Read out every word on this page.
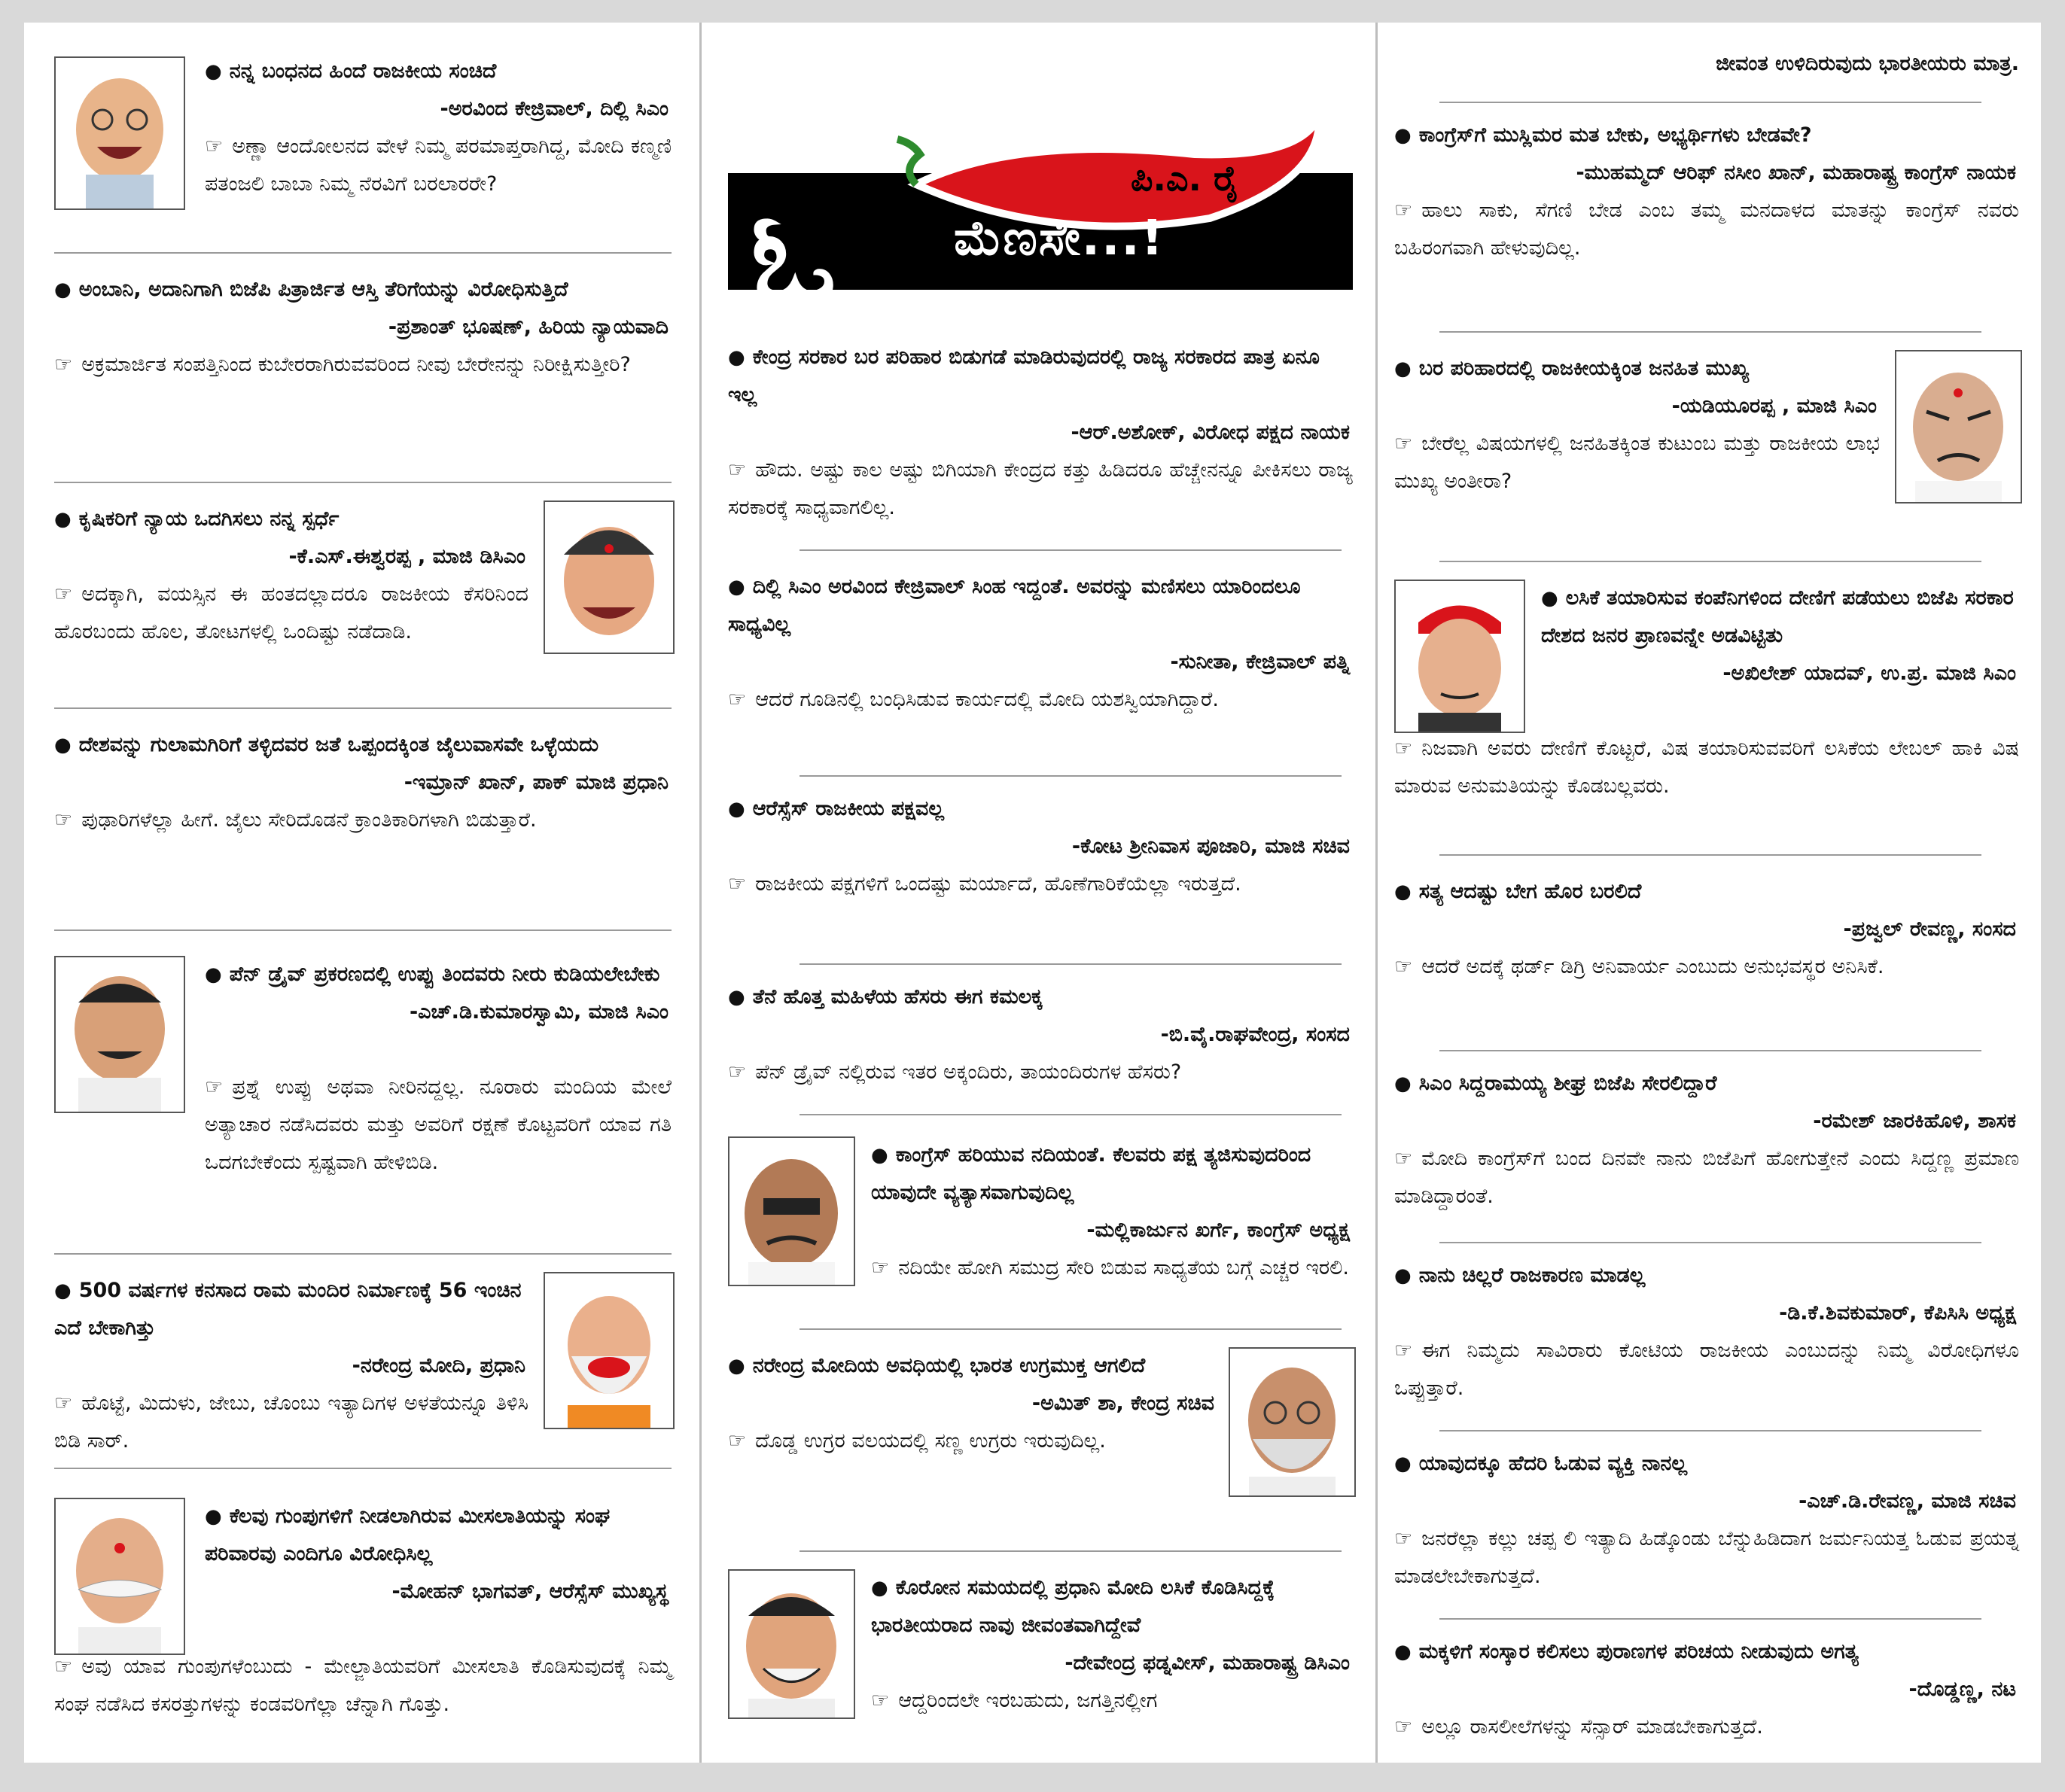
● ನನ್ನ ಬಂಧನದ ಹಿಂದೆ ರಾಜಕೀಯ ಸಂಚಿದೆ
-ಅರವಿಂದ ಕೇಜ್ರಿವಾಲ್, ದಿಲ್ಲಿ ಸಿಎಂ
☞ ಅಣ್ಣಾ ಆಂದೋಲನದ ವೇಳೆ ನಿಮ್ಮ ಪರಮಾಪ್ತರಾಗಿದ್ದ, ಮೋದಿ ಕಣ್ಮಣಿ ಪತಂಜಲಿ ಬಾಬಾ ನಿಮ್ಮ ನೆರವಿಗೆ ಬರಲಾರರೇ?
● ಅಂಬಾನಿ, ಅದಾನಿಗಾಗಿ ಬಿಜೆಪಿ ಪಿತ್ರಾರ್ಜಿತ ಆಸ್ತಿ ತೆರಿಗೆಯನ್ನು ವಿರೋಧಿಸುತ್ತಿದೆ
-ಪ್ರಶಾಂತ್ ಭೂಷಣ್, ಹಿರಿಯ ನ್ಯಾಯವಾದಿ
☞ ಅಕ್ರಮಾರ್ಜಿತ ಸಂಪತ್ತಿನಿಂದ ಕುಬೇರರಾಗಿರುವವರಿಂದ ನೀವು ಬೇರೇನನ್ನು ನಿರೀಕ್ಷಿಸುತ್ತೀರಿ?
● ಕೃಷಿಕರಿಗೆ ನ್ಯಾಯ ಒದಗಿಸಲು ನನ್ನ ಸ್ಪರ್ಧೆ
-ಕೆ.ಎಸ್.ಈಶ್ವರಪ್ಪ , ಮಾಜಿ ಡಿಸಿಎಂ
☞ ಅದಕ್ಕಾಗಿ, ವಯಸ್ಸಿನ ಈ ಹಂತದಲ್ಲಾದರೂ ರಾಜಕೀಯ ಕೆಸರಿನಿಂದ ಹೊರಬಂದು ಹೊಲ, ತೋಟಗಳಲ್ಲಿ ಒಂದಿಷ್ಟು ನಡೆದಾಡಿ.
● ದೇಶವನ್ನು ಗುಲಾಮಗಿರಿಗೆ ತಳ್ಳಿದವರ ಜತೆ ಒಪ್ಪಂದಕ್ಕಿಂತ ಜೈಲುವಾಸವೇ ಒಳ್ಳೆಯದು
-ಇಮ್ರಾನ್ ಖಾನ್, ಪಾಕ್ ಮಾಜಿ ಪ್ರಧಾನಿ
☞ ಪುಢಾರಿಗಳೆಲ್ಲಾ ಹೀಗೆ. ಜೈಲು ಸೇರಿದೊಡನೆ ಕ್ರಾಂತಿಕಾರಿಗಳಾಗಿ ಬಿಡುತ್ತಾರೆ.
● ಪೆನ್ ಡ್ರೈವ್ ಪ್ರಕರಣದಲ್ಲಿ ಉಪ್ಪು ತಿಂದವರು ನೀರು ಕುಡಿಯಲೇಬೇಕು
-ಎಚ್.ಡಿ.ಕುಮಾರಸ್ವಾಮಿ, ಮಾಜಿ ಸಿಎಂ
☞ ಪ್ರಶ್ನೆ ಉಪ್ಪು ಅಥವಾ ನೀರಿನದ್ದಲ್ಲ. ನೂರಾರು ಮಂದಿಯ ಮೇಲೆ ಅತ್ಯಾಚಾರ ನಡೆಸಿದವರು ಮತ್ತು ಅವರಿಗೆ ರಕ್ಷಣೆ ಕೊಟ್ಟವರಿಗೆ ಯಾವ ಗತಿ ಒದಗಬೇಕೆಂದು ಸ್ಪಷ್ಟವಾಗಿ ಹೇಳಿಬಿಡಿ.
● 500 ವರ್ಷಗಳ ಕನಸಾದ ರಾಮ ಮಂದಿರ ನಿರ್ಮಾಣಕ್ಕೆ 56 ಇಂಚಿನ ಎದೆ ಬೇಕಾಗಿತ್ತು
-ನರೇಂದ್ರ ಮೋದಿ, ಪ್ರಧಾನಿ
☞ ಹೊಟ್ಟೆ, ಮಿದುಳು, ಜೇಬು, ಚೊಂಬು ಇತ್ಯಾದಿಗಳ ಅಳತೆಯನ್ನೂ ತಿಳಿಸಿ ಬಿಡಿ ಸಾರ್.
● ಕೆಲವು ಗುಂಪುಗಳಿಗೆ ನೀಡಲಾಗಿರುವ ಮೀಸಲಾತಿಯನ್ನು ಸಂಘ ಪರಿವಾರವು ಎಂದಿಗೂ ವಿರೋಧಿಸಿಲ್ಲ
-ಮೋಹನ್ ಭಾಗವತ್, ಆರೆಸ್ಸೆಸ್ ಮುಖ್ಯಸ್ಥ
☞ ಅವು ಯಾವ ಗುಂಪುಗಳೆಂಬುದು - ಮೇಲ್ಜಾತಿಯವರಿಗೆ ಮೀಸಲಾತಿ ಕೊಡಿಸುವುದಕ್ಕೆ ನಿಮ್ಮ ಸಂಘ ನಡೆಸಿದ ಕಸರತ್ತುಗಳನ್ನು ಕಂಡವರಿಗೆಲ್ಲಾ ಚೆನ್ನಾಗಿ ಗೊತ್ತು.
ಓ
ಪಿ.ಎ. ರೈ
ಮೆಣಸೇ...!
● ಕೇಂದ್ರ ಸರಕಾರ ಬರ ಪರಿಹಾರ ಬಿಡುಗಡೆ ಮಾಡಿರುವುದರಲ್ಲಿ ರಾಜ್ಯ ಸರಕಾರದ ಪಾತ್ರ ಏನೂ ಇಲ್ಲ
-ಆರ್.ಅಶೋಕ್, ವಿರೋಧ ಪಕ್ಷದ ನಾಯಕ
☞ ಹೌದು. ಅಷ್ಟು ಕಾಲ ಅಷ್ಟು ಬಿಗಿಯಾಗಿ ಕೇಂದ್ರದ ಕತ್ತು ಹಿಡಿದರೂ ಹೆಚ್ಚೇನನ್ನೂ ಪೀಕಿಸಲು ರಾಜ್ಯ ಸರಕಾರಕ್ಕೆ ಸಾಧ್ಯವಾಗಲಿಲ್ಲ.
● ದಿಲ್ಲಿ ಸಿಎಂ ಅರವಿಂದ ಕೇಜ್ರಿವಾಲ್ ಸಿಂಹ ಇದ್ದಂತೆ. ಅವರನ್ನು ಮಣಿಸಲು ಯಾರಿಂದಲೂ ಸಾಧ್ಯವಿಲ್ಲ
-ಸುನೀತಾ, ಕೇಜ್ರಿವಾಲ್ ಪತ್ನಿ
☞ ಆದರೆ ಗೂಡಿನಲ್ಲಿ ಬಂಧಿಸಿಡುವ ಕಾರ್ಯದಲ್ಲಿ ಮೋದಿ ಯಶಸ್ವಿಯಾಗಿದ್ದಾರೆ.
● ಆರೆಸ್ಸೆಸ್ ರಾಜಕೀಯ ಪಕ್ಷವಲ್ಲ
-ಕೋಟ ಶ್ರೀನಿವಾಸ ಪೂಜಾರಿ, ಮಾಜಿ ಸಚಿವ
☞ ರಾಜಕೀಯ ಪಕ್ಷಗಳಿಗೆ ಒಂದಷ್ಟು ಮರ್ಯಾದೆ, ಹೊಣೆಗಾರಿಕೆಯೆಲ್ಲಾ ಇರುತ್ತದೆ.
● ತೆನೆ ಹೊತ್ತ ಮಹಿಳೆಯ ಹೆಸರು ಈಗ ಕಮಲಕ್ಕ
-ಬಿ.ವೈ.ರಾಘವೇಂದ್ರ, ಸಂಸದ
☞ ಪೆನ್ ಡ್ರೈವ್ ನಲ್ಲಿರುವ ಇತರ ಅಕ್ಕಂದಿರು, ತಾಯಂದಿರುಗಳ ಹೆಸರು?
● ಕಾಂಗ್ರೆಸ್ ಹರಿಯುವ ನದಿಯಂತೆ. ಕೆಲವರು ಪಕ್ಷ ತ್ಯಜಿಸುವುದರಿಂದ ಯಾವುದೇ ವ್ಯತ್ಯಾಸವಾಗುವುದಿಲ್ಲ
-ಮಲ್ಲಿಕಾರ್ಜುನ ಖರ್ಗೆ, ಕಾಂಗ್ರೆಸ್ ಅಧ್ಯಕ್ಷ
☞ ನದಿಯೇ ಹೋಗಿ ಸಮುದ್ರ ಸೇರಿ ಬಿಡುವ ಸಾಧ್ಯತೆಯ ಬಗ್ಗೆ ಎಚ್ಚರ ಇರಲಿ.
● ನರೇಂದ್ರ ಮೋದಿಯ ಅವಧಿಯಲ್ಲಿ ಭಾರತ ಉಗ್ರಮುಕ್ತ ಆಗಲಿದೆ
-ಅಮಿತ್ ಶಾ, ಕೇಂದ್ರ ಸಚಿವ
☞ ದೊಡ್ಡ ಉಗ್ರರ ವಲಯದಲ್ಲಿ ಸಣ್ಣ ಉಗ್ರರು ಇರುವುದಿಲ್ಲ.
● ಕೊರೋನ ಸಮಯದಲ್ಲಿ ಪ್ರಧಾನಿ ಮೋದಿ ಲಸಿಕೆ ಕೊಡಿಸಿದ್ದಕ್ಕೆ ಭಾರತೀಯರಾದ ನಾವು ಜೀವಂತವಾಗಿದ್ದೇವೆ
-ದೇವೇಂದ್ರ ಫಡ್ನವೀಸ್, ಮಹಾರಾಷ್ಟ್ರ ಡಿಸಿಎಂ
☞ ಆದ್ದರಿಂದಲೇ ಇರಬಹುದು, ಜಗತ್ತಿನಲ್ಲೀಗ
ಜೀವಂತ ಉಳಿದಿರುವುದು ಭಾರತೀಯರು ಮಾತ್ರ.
● ಕಾಂಗ್ರೆಸ್‌ಗೆ ಮುಸ್ಲಿಮರ ಮತ ಬೇಕು, ಅಭ್ಯರ್ಥಿಗಳು ಬೇಡವೇ?
-ಮುಹಮ್ಮದ್ ಆರಿಫ್ ನಸೀಂ ಖಾನ್, ಮಹಾರಾಷ್ಟ್ರ ಕಾಂಗ್ರೆಸ್ ನಾಯಕ
☞ ಹಾಲು ಸಾಕು, ಸೆಗಣಿ ಬೇಡ ಎಂಬ ತಮ್ಮ ಮನದಾಳದ ಮಾತನ್ನು ಕಾಂಗ್ರೆಸ್ ನವರು ಬಹಿರಂಗವಾಗಿ ಹೇಳುವುದಿಲ್ಲ.
● ಬರ ಪರಿಹಾರದಲ್ಲಿ ರಾಜಕೀಯಕ್ಕಿಂತ ಜನಹಿತ ಮುಖ್ಯ
-ಯಡಿಯೂರಪ್ಪ , ಮಾಜಿ ಸಿಎಂ
☞ ಬೇರೆಲ್ಲ ವಿಷಯಗಳಲ್ಲಿ ಜನಹಿತಕ್ಕಿಂತ ಕುಟುಂಬ ಮತ್ತು ರಾಜಕೀಯ ಲಾಭ ಮುಖ್ಯ ಅಂತೀರಾ?
● ಲಸಿಕೆ ತಯಾರಿಸುವ ಕಂಪೆನಿಗಳಿಂದ ದೇಣಿಗೆ ಪಡೆಯಲು ಬಿಜೆಪಿ ಸರಕಾರ ದೇಶದ ಜನರ ಪ್ರಾಣವನ್ನೇ ಅಡವಿಟ್ಟಿತು
-ಅಖಿಲೇಶ್ ಯಾದವ್, ಉ.ಪ್ರ. ಮಾಜಿ ಸಿಎಂ
☞ ನಿಜವಾಗಿ ಅವರು ದೇಣಿಗೆ ಕೊಟ್ಟರೆ, ವಿಷ ತಯಾರಿಸುವವರಿಗೆ ಲಸಿಕೆಯ ಲೇಬಲ್ ಹಾಕಿ ವಿಷ ಮಾರುವ ಅನುಮತಿಯನ್ನು ಕೊಡಬಲ್ಲವರು.
● ಸತ್ಯ ಆದಷ್ಟು ಬೇಗ ಹೊರ ಬರಲಿದೆ
-ಪ್ರಜ್ವಲ್ ರೇವಣ್ಣ, ಸಂಸದ
☞ ಆದರೆ ಅದಕ್ಕೆ ಥರ್ಡ್ ಡಿಗ್ರಿ ಅನಿವಾರ್ಯ ಎಂಬುದು ಅನುಭವಸ್ಥರ ಅನಿಸಿಕೆ.
● ಸಿಎಂ ಸಿದ್ದರಾಮಯ್ಯ ಶೀಘ್ರ ಬಿಜೆಪಿ ಸೇರಲಿದ್ದಾರೆ
-ರಮೇಶ್ ಜಾರಕಿಹೊಳಿ, ಶಾಸಕ
☞ ಮೋದಿ ಕಾಂಗ್ರೆಸ್‌ಗೆ ಬಂದ ದಿನವೇ ನಾನು ಬಿಜೆಪಿಗೆ ಹೋಗುತ್ತೇನೆ ಎಂದು ಸಿದ್ದಣ್ಣ ಪ್ರಮಾಣ ಮಾಡಿದ್ದಾರಂತೆ.
● ನಾನು ಚಿಲ್ಲರೆ ರಾಜಕಾರಣ ಮಾಡಲ್ಲ
-ಡಿ.ಕೆ.ಶಿವಕುಮಾರ್, ಕೆಪಿಸಿಸಿ ಅಧ್ಯಕ್ಷ
☞ ಈಗ ನಿಮ್ಮದು ಸಾವಿರಾರು ಕೋಟಿಯ ರಾಜಕೀಯ ಎಂಬುದನ್ನು ನಿಮ್ಮ ವಿರೋಧಿಗಳೂ ಒಪ್ಪುತ್ತಾರೆ.
● ಯಾವುದಕ್ಕೂ ಹೆದರಿ ಓಡುವ ವ್ಯಕ್ತಿ ನಾನಲ್ಲ
-ಎಚ್.ಡಿ.ರೇವಣ್ಣ, ಮಾಜಿ ಸಚಿವ
☞ ಜನರೆಲ್ಲಾ ಕಲ್ಲು ಚಪ್ಪ ಲಿ ಇತ್ಯಾದಿ ಹಿಡ್ಕೊಂಡು ಬೆನ್ನುಹಿಡಿದಾಗ ಜರ್ಮನಿಯತ್ತ ಓಡುವ ಪ್ರಯತ್ನ ಮಾಡಲೇಬೇಕಾಗುತ್ತದೆ.
● ಮಕ್ಕಳಿಗೆ ಸಂಸ್ಕಾರ ಕಲಿಸಲು ಪುರಾಣಗಳ ಪರಿಚಯ ನೀಡುವುದು ಅಗತ್ಯ
-ದೊಡ್ಡಣ್ಣ, ನಟ
☞ ಅಲ್ಲೂ ರಾಸಲೀಲೆಗಳನ್ನು ಸೆನ್ಸಾರ್ ಮಾಡಬೇಕಾಗುತ್ತದೆ.
